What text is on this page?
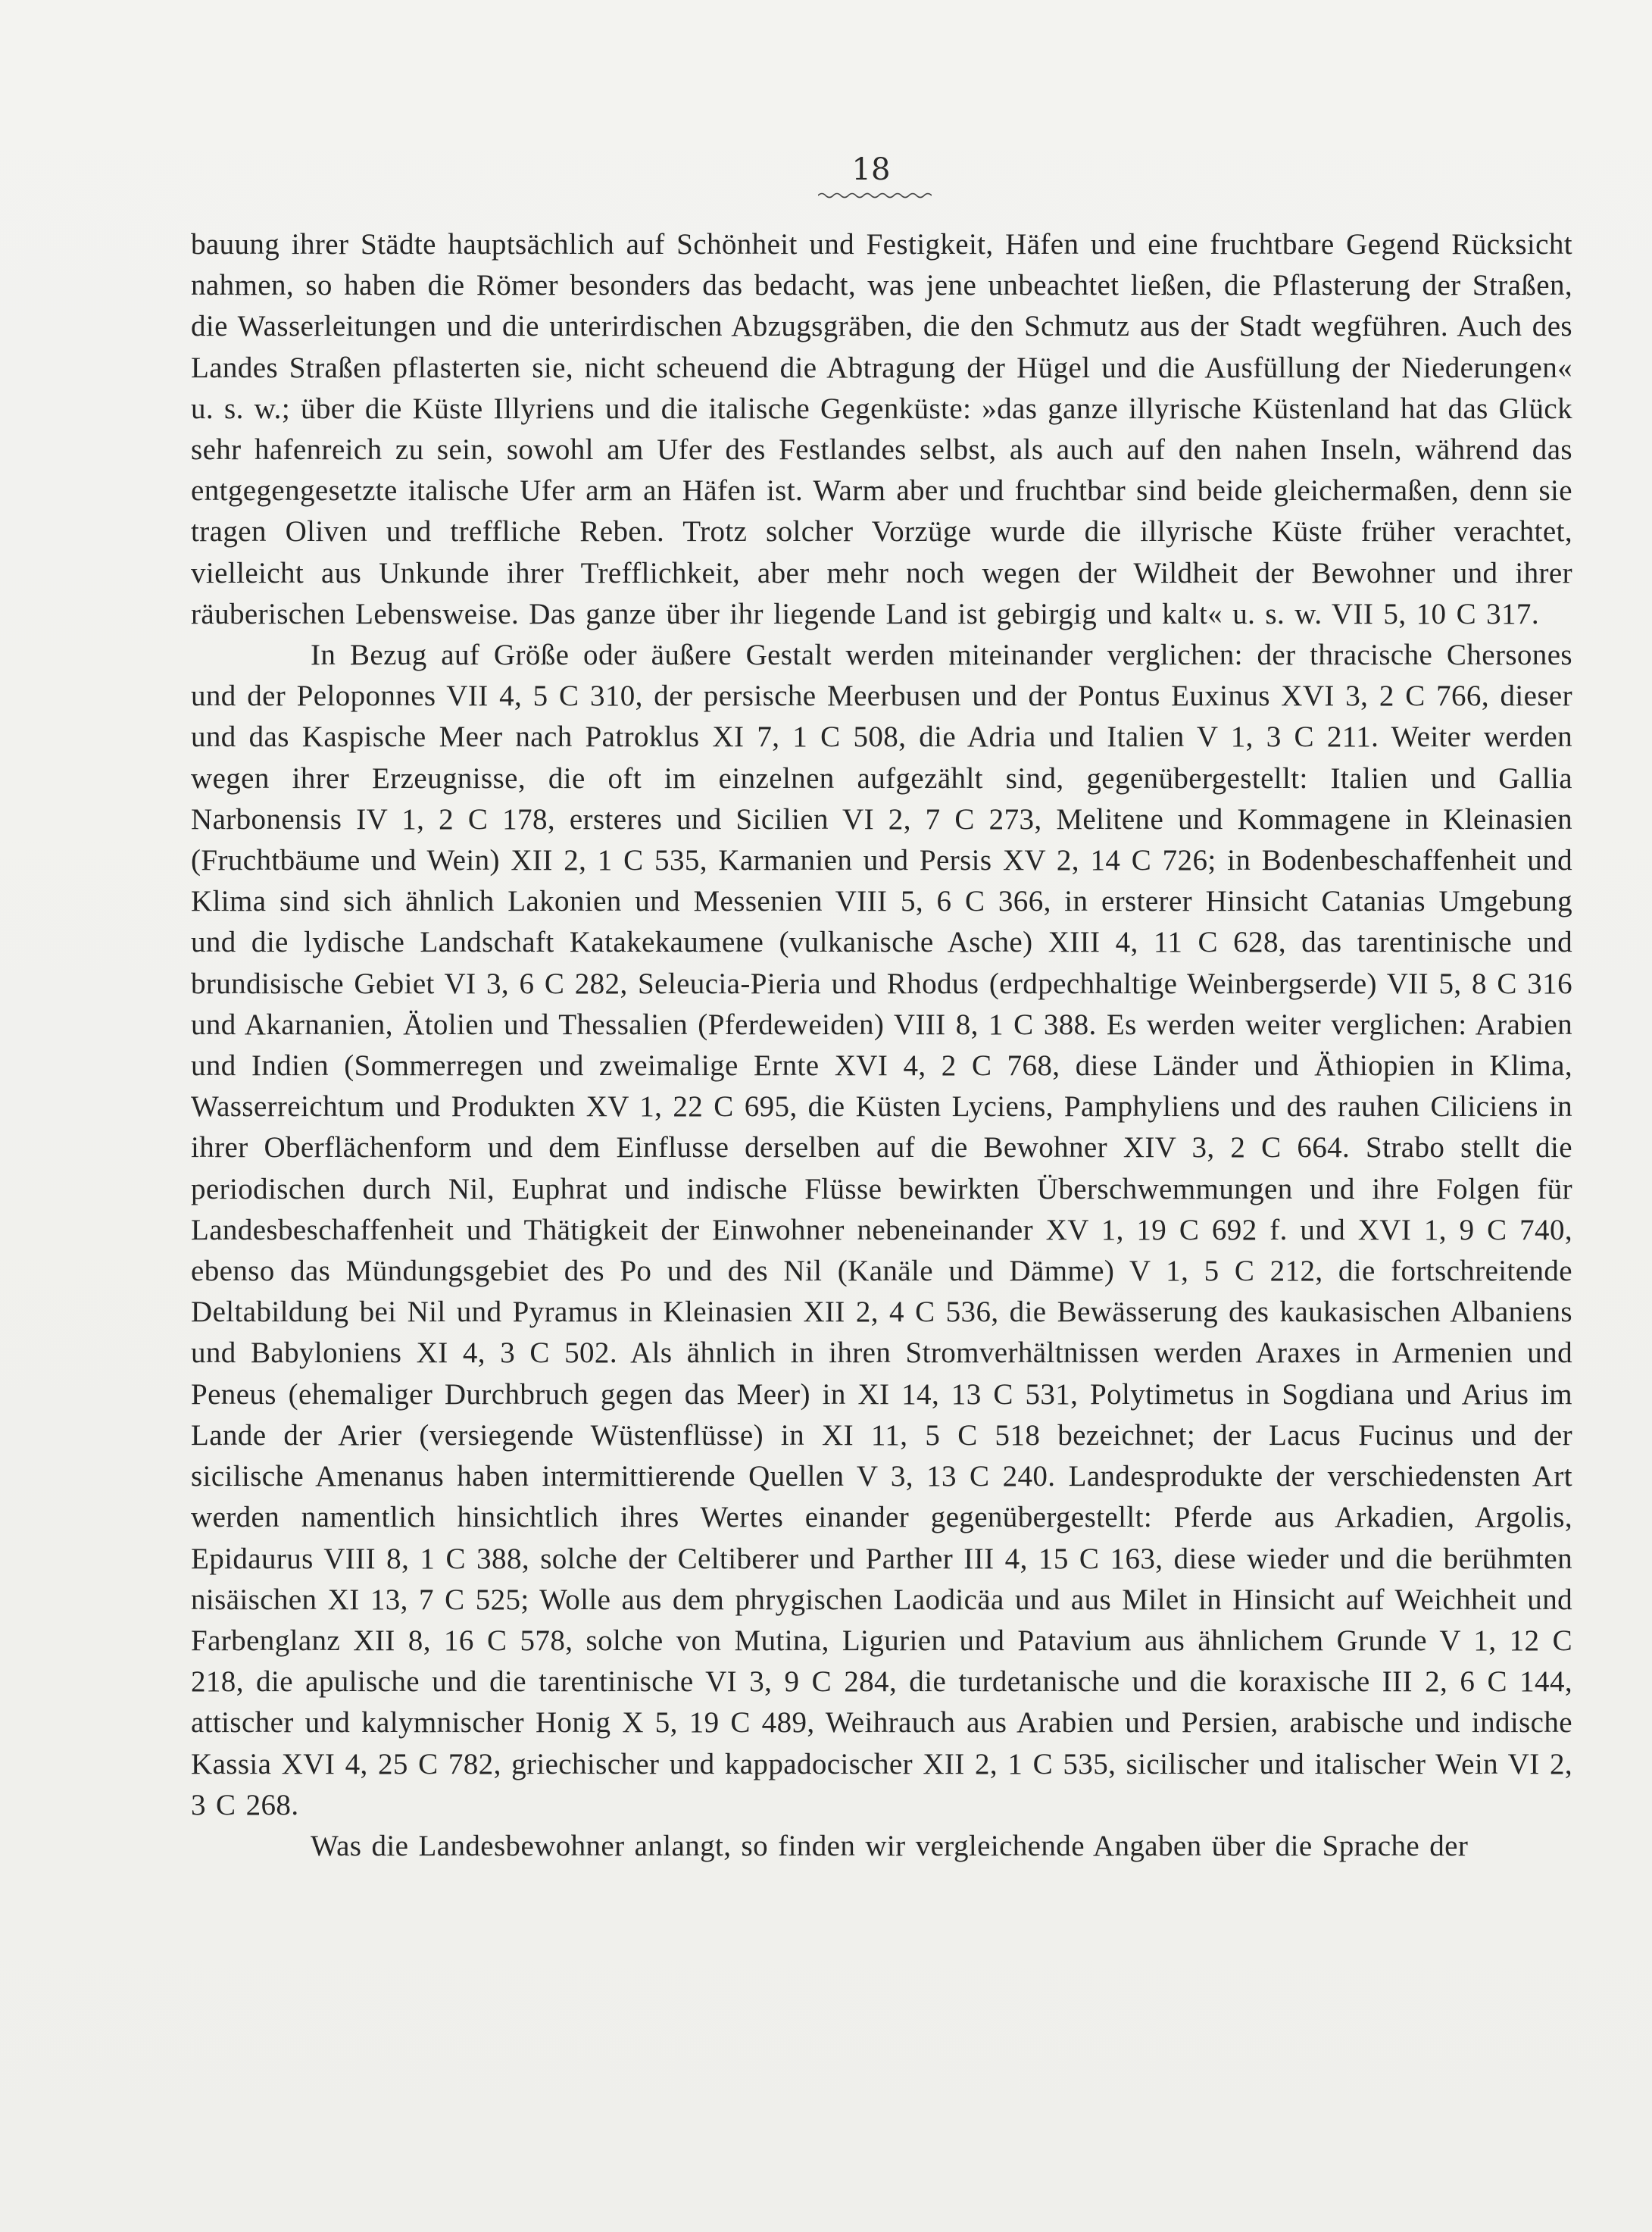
18

bauung ihrer Städte hauptsächlich auf Schönheit und Festigkeit, Häfen und eine fruchtbare Gegend Rücksicht nahmen, so haben die Römer besonders das bedacht, was jene unbeachtet ließen, die Pflasterung der Straßen, die Wasserleitungen und die unterirdischen Abzugsgräben, die den Schmutz aus der Stadt wegführen. Auch des Landes Straßen pflasterten sie, nicht scheuend die Abtragung der Hügel und die Ausfüllung der Niederungen« u. s. w.; über die Küste Illyriens und die italische Gegenküste: »das ganze illyrische Küstenland hat das Glück sehr hafenreich zu sein, sowohl am Ufer des Festlandes selbst, als auch auf den nahen Inseln, während das entgegengesetzte italische Ufer arm an Häfen ist. Warm aber und fruchtbar sind beide gleichermaßen, denn sie tragen Oliven und treffliche Reben. Trotz solcher Vorzüge wurde die illyrische Küste früher verachtet, vielleicht aus Unkunde ihrer Trefflichkeit, aber mehr noch wegen der Wildheit der Bewohner und ihrer räuberischen Lebensweise. Das ganze über ihr liegende Land ist gebirgig und kalt« u. s. w. VII 5, 10 C 317.

In Bezug auf Größe oder äußere Gestalt werden miteinander verglichen: der thracische Chersones und der Peloponnes VII 4, 5 C 310, der persische Meerbusen und der Pontus Euxinus XVI 3, 2 C 766, dieser und das Kaspische Meer nach Patroklus XI 7, 1 C 508, die Adria und Italien V 1, 3 C 211. Weiter werden wegen ihrer Erzeugnisse, die oft im einzelnen aufgezählt sind, gegenübergestellt: Italien und Gallia Narbonensis IV 1, 2 C 178, ersteres und Sicilien VI 2, 7 C 273, Melitene und Kommagene in Kleinasien (Fruchtbäume und Wein) XII 2, 1 C 535, Karmanien und Persis XV 2, 14 C 726; in Bodenbeschaffenheit und Klima sind sich ähnlich Lakonien und Messenien VIII 5, 6 C 366, in ersterer Hinsicht Catanias Umgebung und die lydische Landschaft Katakekaumene (vulkanische Asche) XIII 4, 11 C 628, das tarentinische und brundisische Gebiet VI 3, 6 C 282, Seleucia-Pieria und Rhodus (erdpechhaltige Weinbergserde) VII 5, 8 C 316 und Akarnanien, Ätolien und Thessalien (Pferdeweiden) VIII 8, 1 C 388. Es werden weiter verglichen: Arabien und Indien (Sommerregen und zweimalige Ernte XVI 4, 2 C 768, diese Länder und Äthiopien in Klima, Wasserreichtum und Produkten XV 1, 22 C 695, die Küsten Lyciens, Pamphyliens und des rauhen Ciliciens in ihrer Oberflächenform und dem Einflusse derselben auf die Bewohner XIV 3, 2 C 664. Strabo stellt die periodischen durch Nil, Euphrat und indische Flüsse bewirkten Überschwemmungen und ihre Folgen für Landesbeschaffenheit und Thätigkeit der Einwohner nebeneinander XV 1, 19 C 692 f. und XVI 1, 9 C 740, ebenso das Mündungsgebiet des Po und des Nil (Kanäle und Dämme) V 1, 5 C 212, die fortschreitende Deltabildung bei Nil und Pyramus in Kleinasien XII 2, 4 C 536, die Bewässerung des kaukasischen Albaniens und Babyloniens XI 4, 3 C 502. Als ähnlich in ihren Stromverhältnissen werden Araxes in Armenien und Peneus (ehemaliger Durchbruch gegen das Meer) in XI 14, 13 C 531, Polytimetus in Sogdiana und Arius im Lande der Arier (versiegende Wüstenflüsse) in XI 11, 5 C 518 bezeichnet; der Lacus Fucinus und der sicilische Amenanus haben intermittierende Quellen V 3, 13 C 240. Landesprodukte der verschiedensten Art werden namentlich hinsichtlich ihres Wertes einander gegenübergestellt: Pferde aus Arkadien, Argolis, Epidaurus VIII 8, 1 C 388, solche der Celtiberer und Parther III 4, 15 C 163, diese wieder und die berühmten nisäischen XI 13, 7 C 525; Wolle aus dem phrygischen Laodicäa und aus Milet in Hinsicht auf Weichheit und Farbenglanz XII 8, 16 C 578, solche von Mutina, Ligurien und Patavium aus ähnlichem Grunde V 1, 12 C 218, die apulische und die tarentinische VI 3, 9 C 284, die turdetanische und die koraxische III 2, 6 C 144, attischer und kalymnischer Honig X 5, 19 C 489, Weihrauch aus Arabien und Persien, arabische und indische Kassia XVI 4, 25 C 782, griechischer und kappadocischer XII 2, 1 C 535, sicilischer und italischer Wein VI 2, 3 C 268.

Was die Landesbewohner anlangt, so finden wir vergleichende Angaben über die Sprache der
